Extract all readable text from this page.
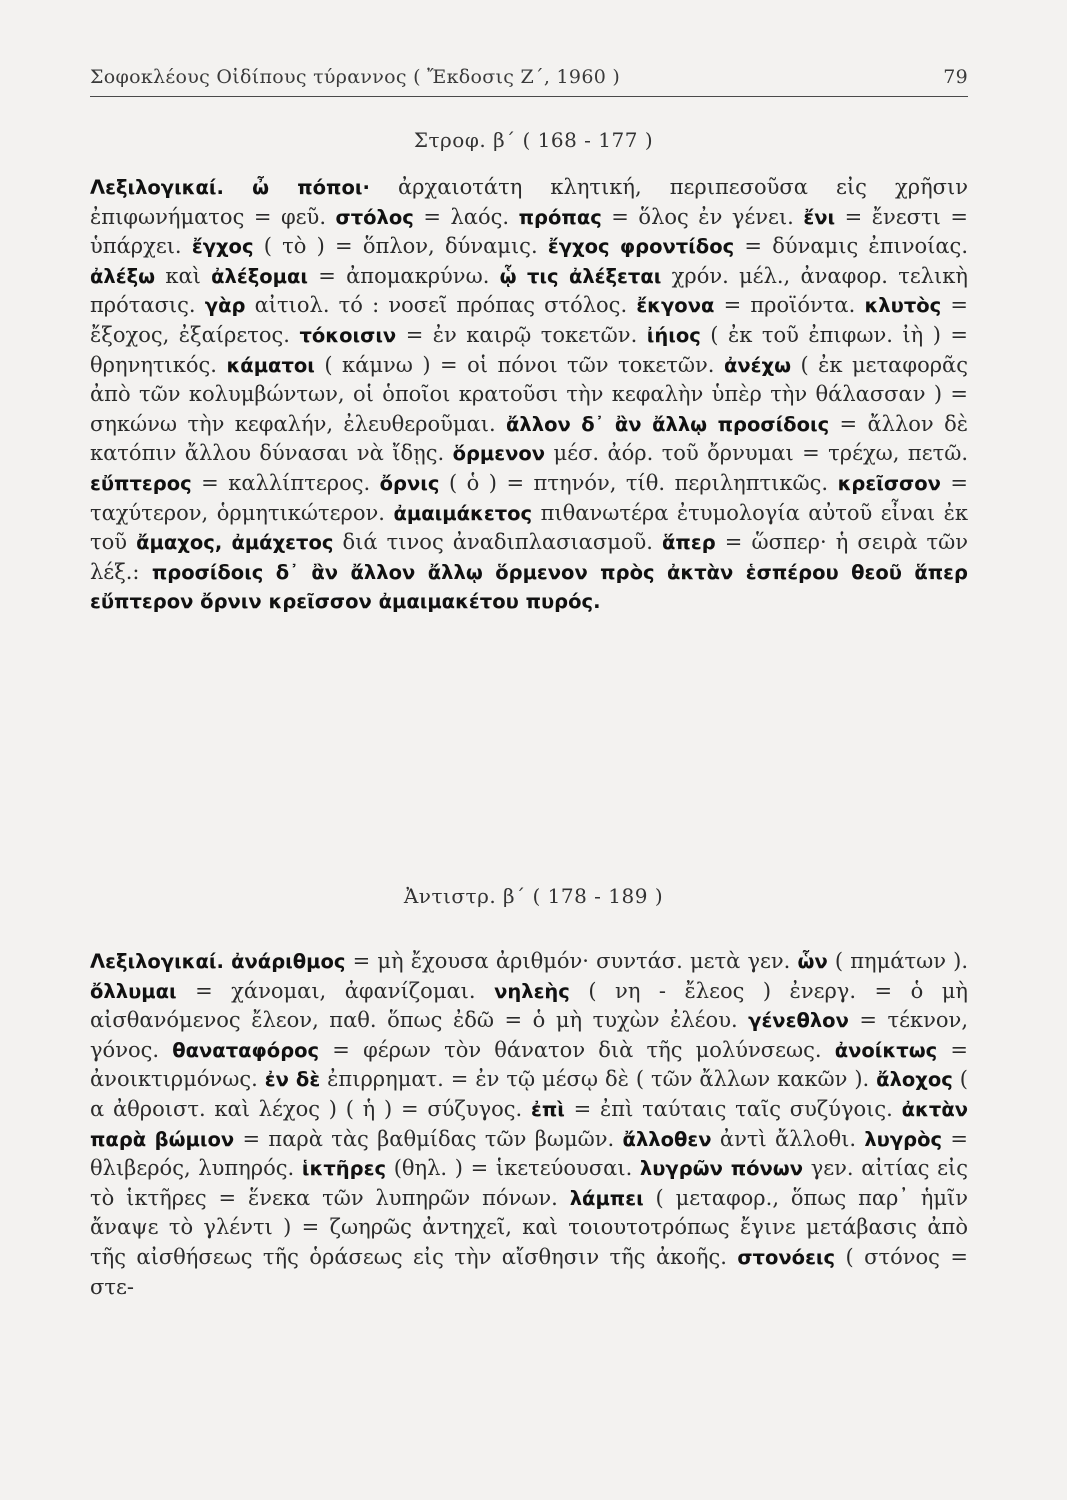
Σοφοκλέους Οἰδίπους τύραννος ( Ἔκδοσις Ζ΄, 1960 )	79
Στροφ. β΄ ( 168 - 177 )
Λεξιλογικαί. ὦ πόποι· ἀρχαιοτάτη κλητική, περιπεσοῦσα εἰς χρῆσιν ἐπιφωνήματος = φεῦ. στόλος = λαός. πρόπας = ὅλος ἐν γένει. ἔνι = ἔνεστι = ὑπάρχει. ἔγχος ( τὸ ) = ὅπλον, δύναμις. ἔγχος φροντίδος = δύναμις ἐπινοίας. ἀλέξω καὶ ἀλέξομαι = ἀπομακρύνω. ᾧ τις ἀλέξεται χρόν. μέλ., ἀναφορ. τελικὴ πρότασις. γὰρ αἰτιολ. τό : νοσεῖ πρόπας στόλος. ἔκγονα = προϊόντα. κλυτὸς = ἔξοχος, ἐξαίρετος. τόκοισιν = ἐν καιρῷ τοκετῶν. ἰήιος ( ἐκ τοῦ ἐπιφων. ἰὴ ) = θρηνητικός. κάματοι ( κάμνω ) = οἱ πόνοι τῶν τοκετῶν. ἀνέχω ( ἐκ μεταφορᾶς ἀπὸ τῶν κολυμβώντων, οἱ ὁποῖοι κρατοῦσι τὴν κεφαλὴν ὑπὲρ τὴν θάλασσαν ) = σηκώνω τὴν κεφαλήν, ἐλευθεροῦμαι. ἄλλον δ᾽ ἂν ἄλλῳ προσίδοις = ἄλλον δὲ κατόπιν ἄλλου δύνασαι νὰ ἴδῃς. ὅρμενον μέσ. ἀόρ. τοῦ ὄρνυμαι = τρέχω, πετῶ. εὔπτερος = καλλίπτερος. ὄρνις ( ὁ ) = πτηνόν, τίθ. περιληπτικῶς. κρεῖσσον = ταχύτερον, ὁρμητικώτερον. ἀμαιμάκετος πιθανωτέρα ἐτυμολογία αὐτοῦ εἶναι ἐκ τοῦ ἄμαχος, ἀμάχετος διά τινος ἀναδιπλασιασμοῦ. ἅπερ = ὥσπερ· ἡ σειρὰ τῶν λέξ.: προσίδοις δ᾽ ἂν ἄλλον ἄλλῳ ὅρμενον πρὸς ἀκτὰν ἑσπέρου θεοῦ ἅπερ εὔπτερον ὄρνιν κρεῖσσον ἀμαιμακέτου πυρός.
Ἀντιστρ. β΄ ( 178 - 189 )
Λεξιλογικαί. ἀνάριθμος = μὴ ἔχουσα ἀριθμόν· συντάσ. μετὰ γεν. ὧν ( πημάτων ). ὄλλυμαι = χάνομαι, ἀφανίζομαι. νηλεὴς ( νη - ἔλεος ) ἐνεργ. = ὁ μὴ αἰσθανόμενος ἔλεον, παθ. ὅπως ἐδῶ = ὁ μὴ τυχὼν ἐλέου. γένεθλον = τέκνον, γόνος. θαναταφόρος = φέρων τὸν θάνατον διὰ τῆς μολύνσεως. ἀνοίκτως = ἀνοικτιρμόνως. ἐν δὲ ἐπιρρηματ. = ἐν τῷ μέσῳ δὲ ( τῶν ἄλλων κακῶν ). ἄλοχος ( α ἀθροιστ. καὶ λέχος ) ( ἡ ) = σύζυγος. ἐπὶ = ἐπὶ ταύταις ταῖς συζύγοις. ἀκτὰν παρὰ βώμιον = παρὰ τὰς βαθμίδας τῶν βωμῶν. ἄλλοθεν ἀντὶ ἄλλοθι. λυγρὸς = θλιβερός, λυπηρός. ἱκτῆρες (θηλ. ) = ἱκετεύουσαι. λυγρῶν πόνων γεν. αἰτίας εἰς τὸ ἱκτῆρες = ἕνεκα τῶν λυπηρῶν πόνων. λάμπει ( μεταφορ., ὅπως παρ᾽ ἡμῖν ἄναψε τὸ γλέντι ) = ζωηρῶς ἀντηχεῖ, καὶ τοιουτοτρόπως ἔγινε μετάβασις ἀπὸ τῆς αἰσθήσεως τῆς ὁράσεως εἰς τὴν αἴσθησιν τῆς ἀκοῆς. στονόεις ( στόνος = στε-
